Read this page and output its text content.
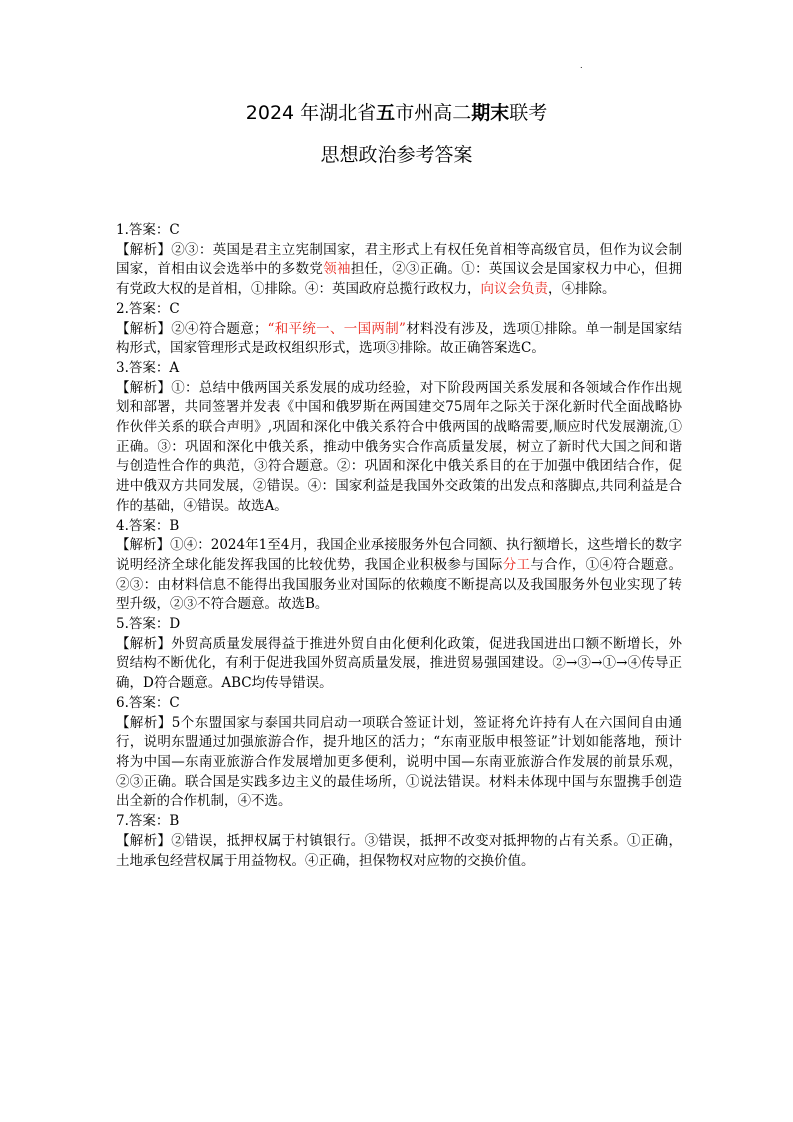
.
2024 年湖北省五市州高二期末联考
思想政治参考答案

1.答案：C

【解析】②③：英国是君主立宪制国家，君主形式上有权任免首相等高级官员，但作为议会制国家，首相由议会选举中的多数党领袖担任，②③正确。①：英国议会是国家权力中心，但拥有党政大权的是首相，①排除。④：英国政府总揽行政权力，向议会负责，④排除。

2.答案：C

【解析】②④符合题意；“和平统一、一国两制”材料没有涉及，选项①排除。单一制是国家结构形式，国家管理形式是政权组织形式，选项③排除。故正确答案选C。

3.答案：A

【解析】①：总结中俄两国关系发展的成功经验，对下阶段两国关系发展和各领域合作作出规划和部署，共同签署并发表《中国和俄罗斯在两国建交75周年之际关于深化新时代全面战略协作伙伴关系的联合声明》,巩固和深化中俄关系符合中俄两国的战略需要,顺应时代发展潮流,①正确。③：巩固和深化中俄关系，推动中俄务实合作高质量发展，树立了新时代大国之间和谐与创造性合作的典范，③符合题意。②：巩固和深化中俄关系目的在于加强中俄团结合作，促进中俄双方共同发展，②错误。④：国家利益是我国外交政策的出发点和落脚点,共同利益是合作的基础，④错误。故选A。

4.答案：B

【解析】①④：2024年1至4月，我国企业承接服务外包合同额、执行额增长，这些增长的数字说明经济全球化能发挥我国的比较优势，我国企业积极参与国际分工与合作，①④符合题意。②③：由材料信息不能得出我国服务业对国际的依赖度不断提高以及我国服务外包业实现了转型升级，②③不符合题意。故选B。

5.答案：D

【解析】外贸高质量发展得益于推进外贸自由化便利化政策，促进我国进出口额不断增长，外贸结构不断优化，有利于促进我国外贸高质量发展，推进贸易强国建设。②→③→①→④传导正确，D符合题意。ABC均传导错误。

6.答案：C

【解析】5个东盟国家与泰国共同启动一项联合签证计划，签证将允许持有人在六国间自由通行，说明东盟通过加强旅游合作，提升地区的活力；“东南亚版申根签证”计划如能落地，预计将为中国—东南亚旅游合作发展增加更多便利，说明中国—东南亚旅游合作发展的前景乐观，②③正确。联合国是实践多边主义的最佳场所，①说法错误。材料未体现中国与东盟携手创造出全新的合作机制，④不选。

7.答案：B

【解析】②错误，抵押权属于村镇银行。③错误，抵押不改变对抵押物的占有关系。①正确，土地承包经营权属于用益物权。④正确，担保物权对应物的交换价值。
